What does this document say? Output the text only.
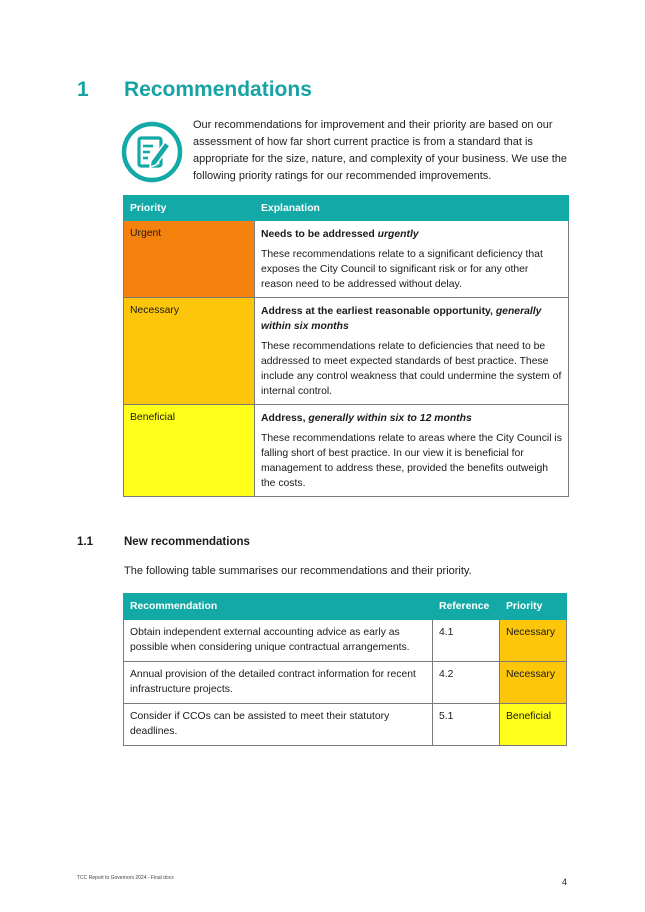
1 Recommendations
Our recommendations for improvement and their priority are based on our assessment of how far short current practice is from a standard that is appropriate for the size, nature, and complexity of your business. We use the following priority ratings for our recommended improvements.
Priority	Explanation
Urgent	Needs to be addressed urgently

These recommendations relate to a significant deficiency that exposes the City Council to significant risk or for any other reason need to be addressed without delay.

Necessary	Address at the earliest reasonable opportunity, generally within six months

These recommendations relate to deficiencies that need to be addressed to meet expected standards of best practice. These include any control weakness that could undermine the system of internal control.

Beneficial	Address, generally within six to 12 months

These recommendations relate to areas where the City Council is falling short of best practice. In our view it is beneficial for management to address these, provided the benefits outweigh the costs.

1.1	New recommendations
The following table summarises our recommendations and their priority.
Recommendation	Reference	Priority
Obtain independent external accounting advice as early as possible when considering unique contractual arrangements.	4.1	Necessary
Annual provision of the detailed contract information for recent infrastructure projects.	4.2	Necessary
Consider if CCOs can be assisted to meet their statutory deadlines.	5.1	Beneficial
TCC Report to Governors 2024 - Final docx	4
